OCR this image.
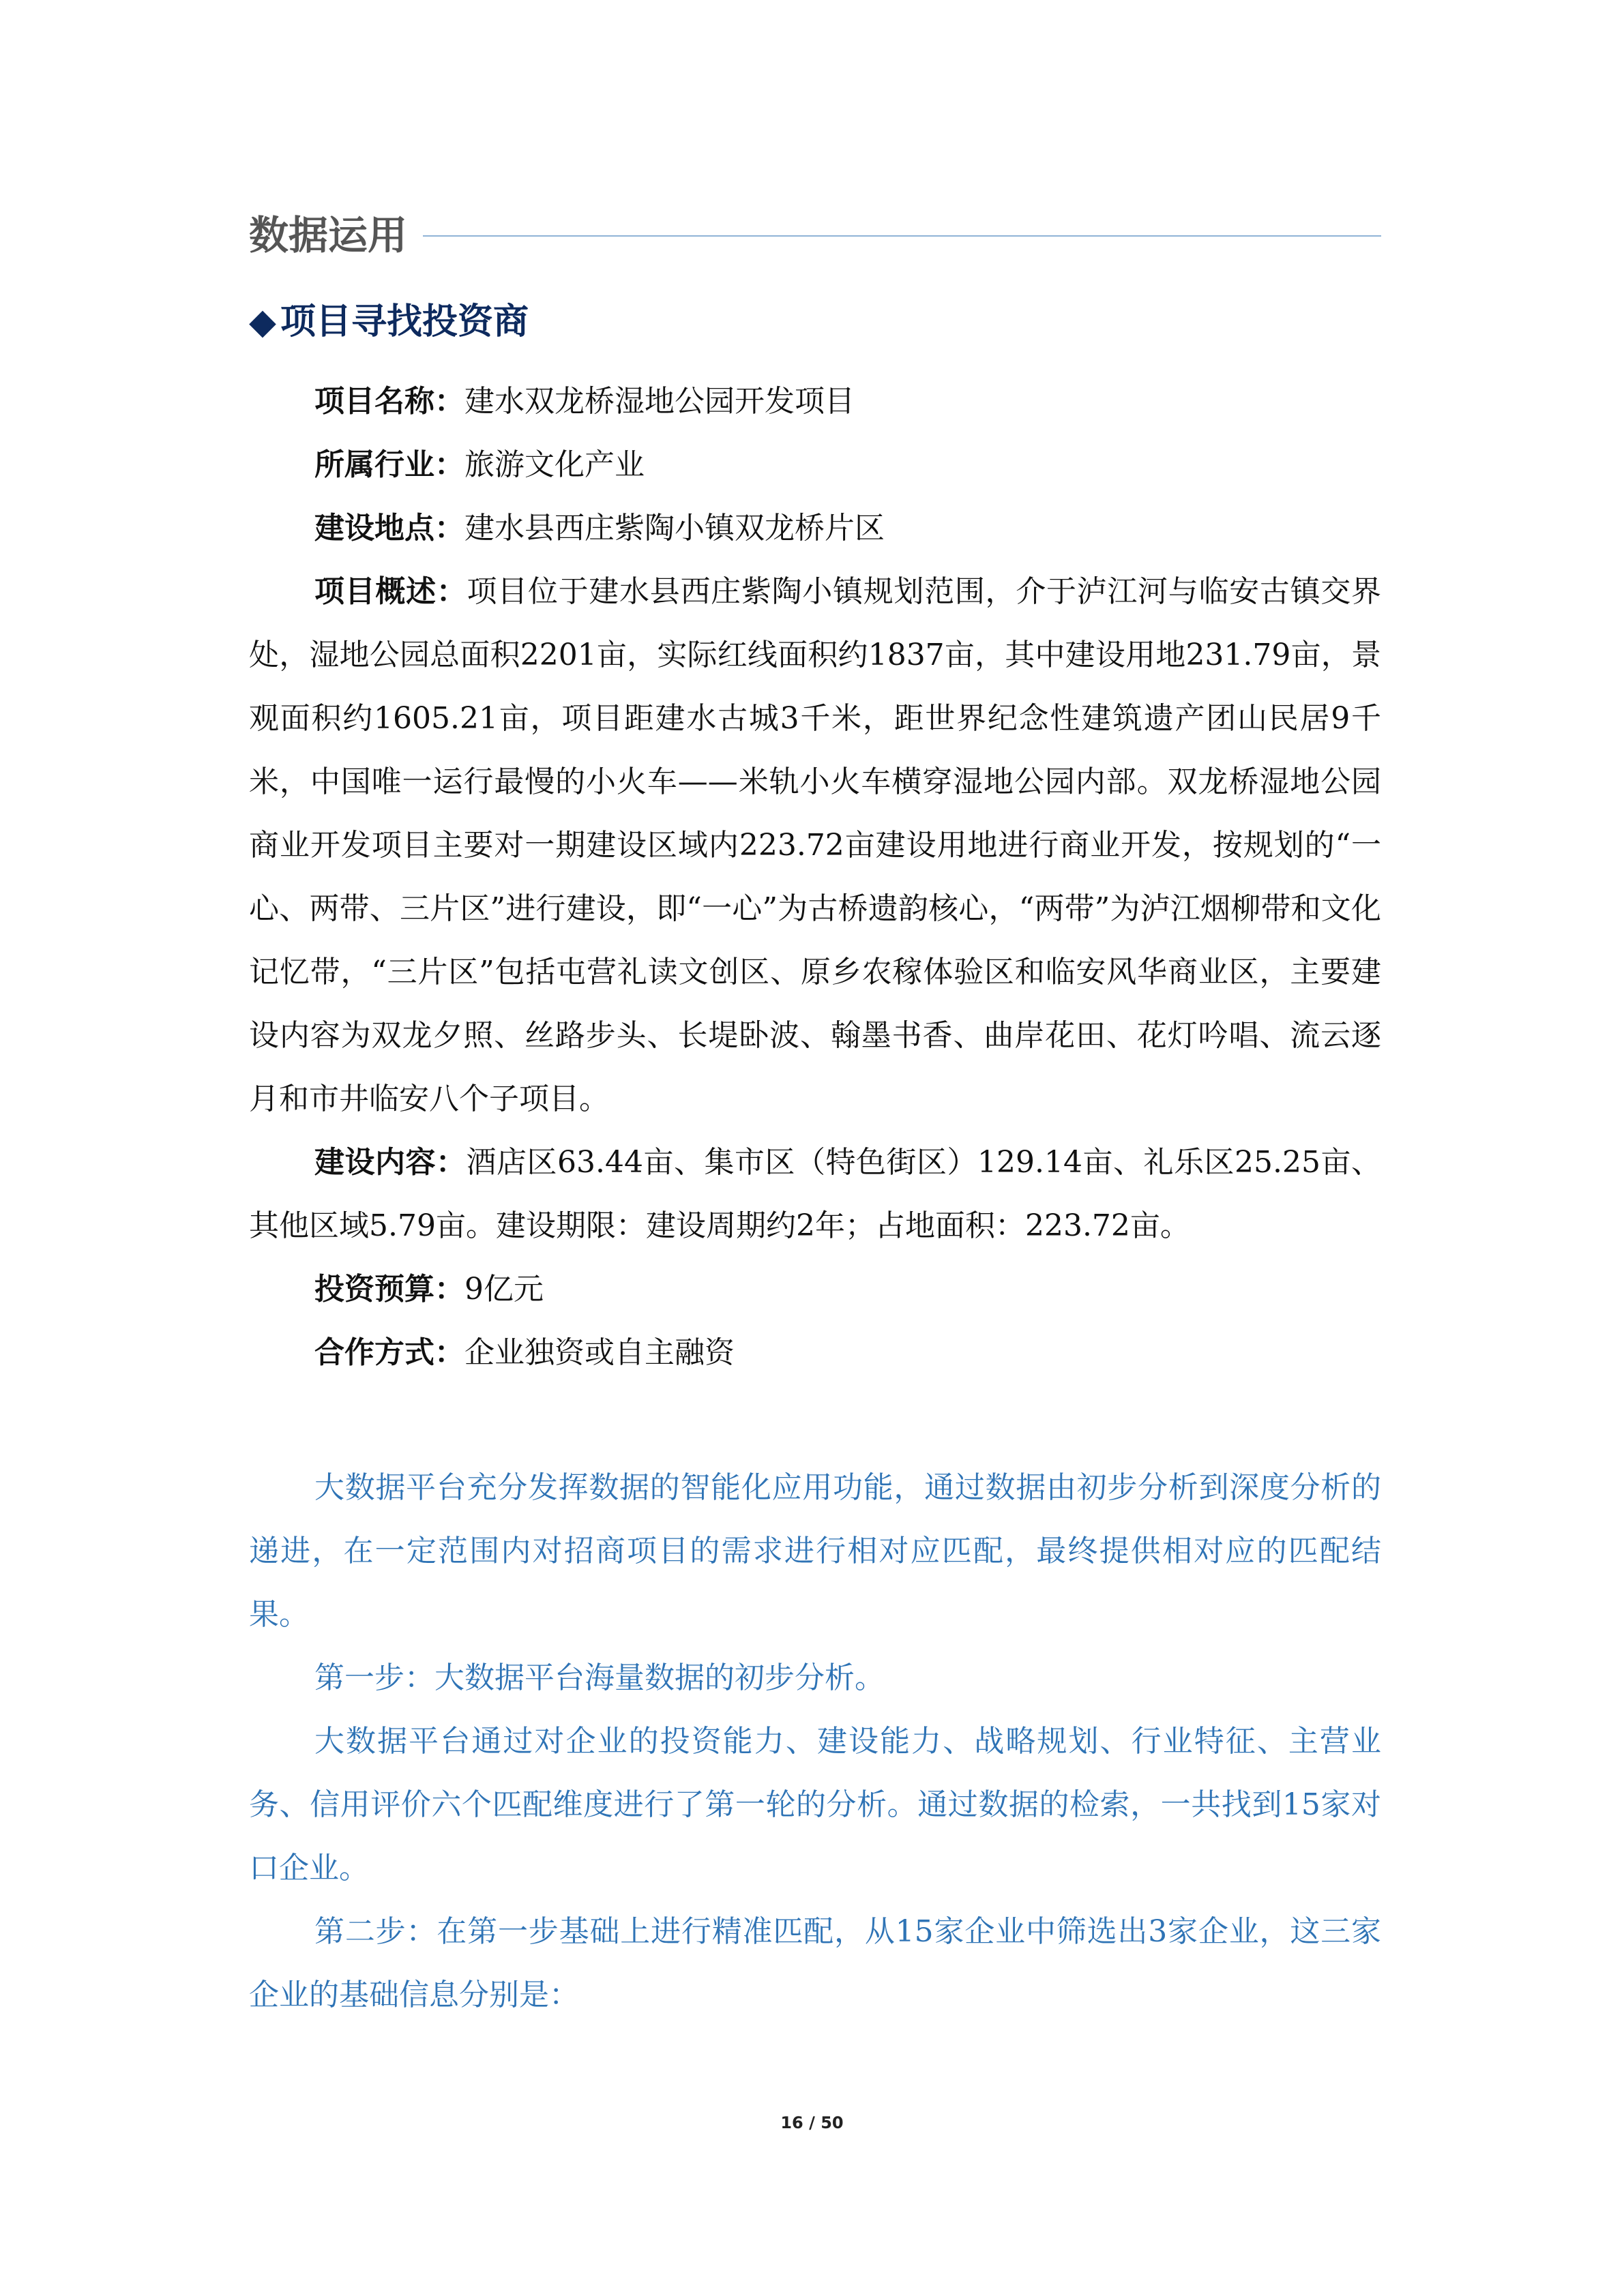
数据运用
◆ 项目寻找投资商

项目名称：建水双龙桥湿地公园开发项目

所属行业：旅游文化产业

建设地点：建水县西庄紫陶小镇双龙桥片区

项目概述：项目位于建水县西庄紫陶小镇规划范围，介于泸江河与临安古镇交界处，湿地公园总面积2201亩，实际红线面积约1837亩，其中建设用地231.79亩，景观面积约1605.21亩，项目距建水古城3千米，距世界纪念性建筑遗产团山民居9千米，中国唯一运行最慢的小火车——米轨小火车横穿湿地公园内部。双龙桥湿地公园商业开发项目主要对一期建设区域内223.72亩建设用地进行商业开发，按规划的“一心、两带、三片区”进行建设，即“一心”为古桥遗韵核心，“两带”为泸江烟柳带和文化记忆带，“三片区”包括屯营礼读文创区、原乡农稼体验区和临安风华商业区，主要建设内容为双龙夕照、丝路步头、长堤卧波、翰墨书香、曲岸花田、花灯吟唱、流云逐月和市井临安八个子项目。

建设内容：酒店区63.44亩、集市区（特色街区）129.14亩、礼乐区25.25亩、其他区域5.79亩。建设期限：建设周期约2年；占地面积：223.72亩。

投资预算：9亿元

合作方式：企业独资或自主融资

大数据平台充分发挥数据的智能化应用功能，通过数据由初步分析到深度分析的递进，在一定范围内对招商项目的需求进行相对应匹配，最终提供相对应的匹配结果。

第一步：大数据平台海量数据的初步分析。

大数据平台通过对企业的投资能力、建设能力、战略规划、行业特征、主营业务、信用评价六个匹配维度进行了第一轮的分析。通过数据的检索，一共找到15家对口企业。

第二步：在第一步基础上进行精准匹配，从15家企业中筛选出3家企业，这三家企业的基础信息分别是：

16 / 50
